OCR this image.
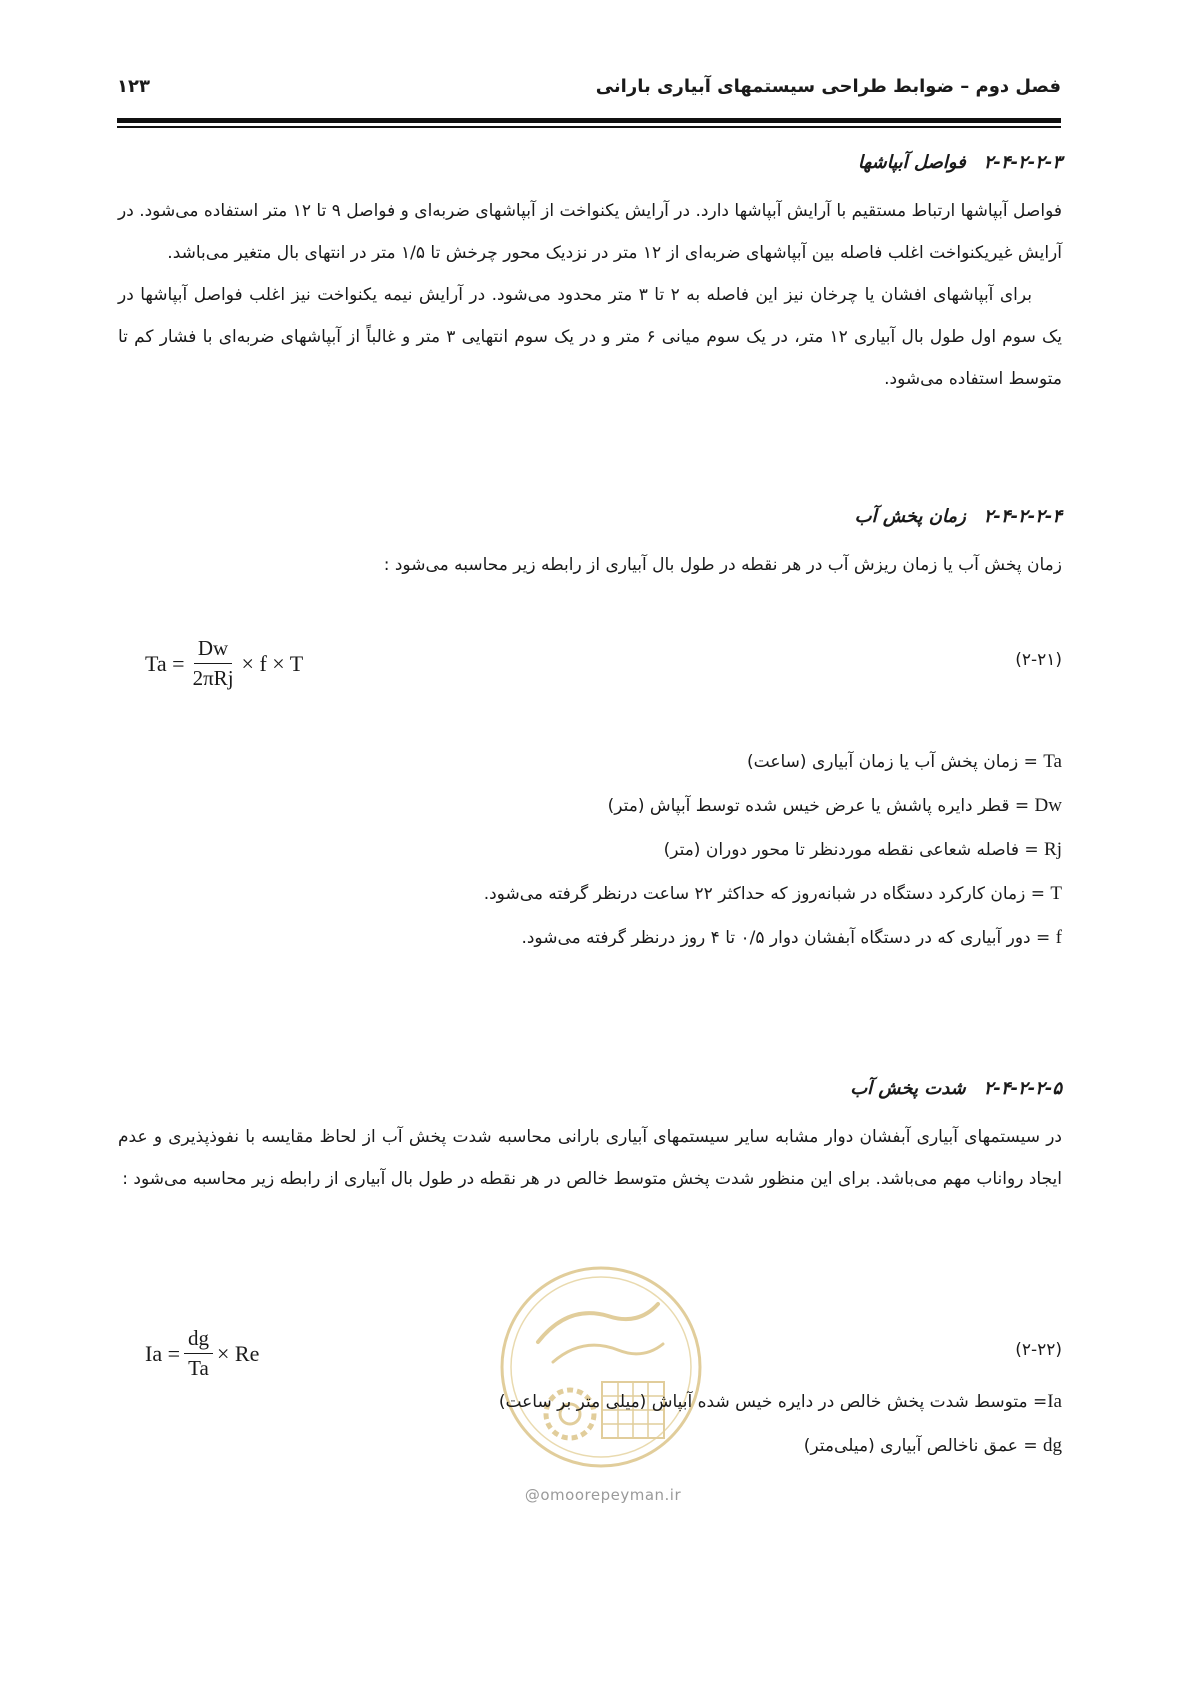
فصل دوم – ضوابط طراحی سیستمهای آبیاری بارانی
۱۲۳
۲-۴-۲-۲-۳فواصل آبپاشها

فواصل آبپاشها ارتباط مستقیم با آرایش آبپاشها دارد. در آرایش یکنواخت از آبپاشهای ضربه‌ای و فواصل ۹ تا ۱۲ متر استفاده می‌شود. در آرایش غیریکنواخت اغلب فاصله بین آبپاشهای ضربه‌ای از ۱۲ متر در نزدیک محور چرخش تا ۱/۵ متر در انتهای بال متغیر می‌باشد.

برای آبپاشهای افشان یا چرخان نیز این فاصله به ۲ تا ۳ متر محدود می‌شود. در آرایش نیمه یکنواخت نیز اغلب فواصل آبپاشها در یک سوم اول طول بال آبیاری ۱۲ متر، در یک سوم میانی ۶ متر و در یک سوم انتهایی ۳ متر و غالباً از آبپاشهای ضربه‌ای با فشار کم تا متوسط استفاده می‌شود.

۲-۴-۲-۲-۴زمان پخش آب

زمان پخش آب یا زمان ریزش آب در هر نقطه در طول بال آبیاری از رابطه زیر محاسبه می‌شود :

$Ta = \frac{Dw}{\text{2πRj}} \times f \times T$	(۲-۲۱)
Ta = زمان پخش آب یا زمان آبیاری (ساعت)
Dw = قطر دایره پاشش یا عرض خیس شده توسط آبپاش (متر)
Rj = فاصله شعاعی نقطه موردنظر تا محور دوران (متر)
T = زمان کارکرد دستگاه در شبانه‌روز که حداکثر ۲۲ ساعت درنظر گرفته می‌شود.
f = دور آبیاری که در دستگاه آبفشان دوار ۰/۵ تا ۴ روز درنظر گرفته می‌شود.
۲-۴-۲-۲-۵شدت پخش آب

در سیستمهای آبیاری آبفشان دوار مشابه سایر سیستمهای آبیاری بارانی محاسبه شدت پخش آب از لحاظ مقایسه با نفوذپذیری و عدم ایجاد رواناب مهم می‌باشد. برای این منظور شدت پخش متوسط خالص در هر نقطه در طول بال آبیاری از رابطه زیر محاسبه می‌شود :

$Ia = \frac{dg}{Ta} \times Re$	(۲-۲۲)
@omoorepeyman.ir
Ia= متوسط شدت پخش خالص در دایره خیس شده آبپاش (میلی متر بر ساعت)
dg = عمق ناخالص آبیاری (میلی‌متر)
